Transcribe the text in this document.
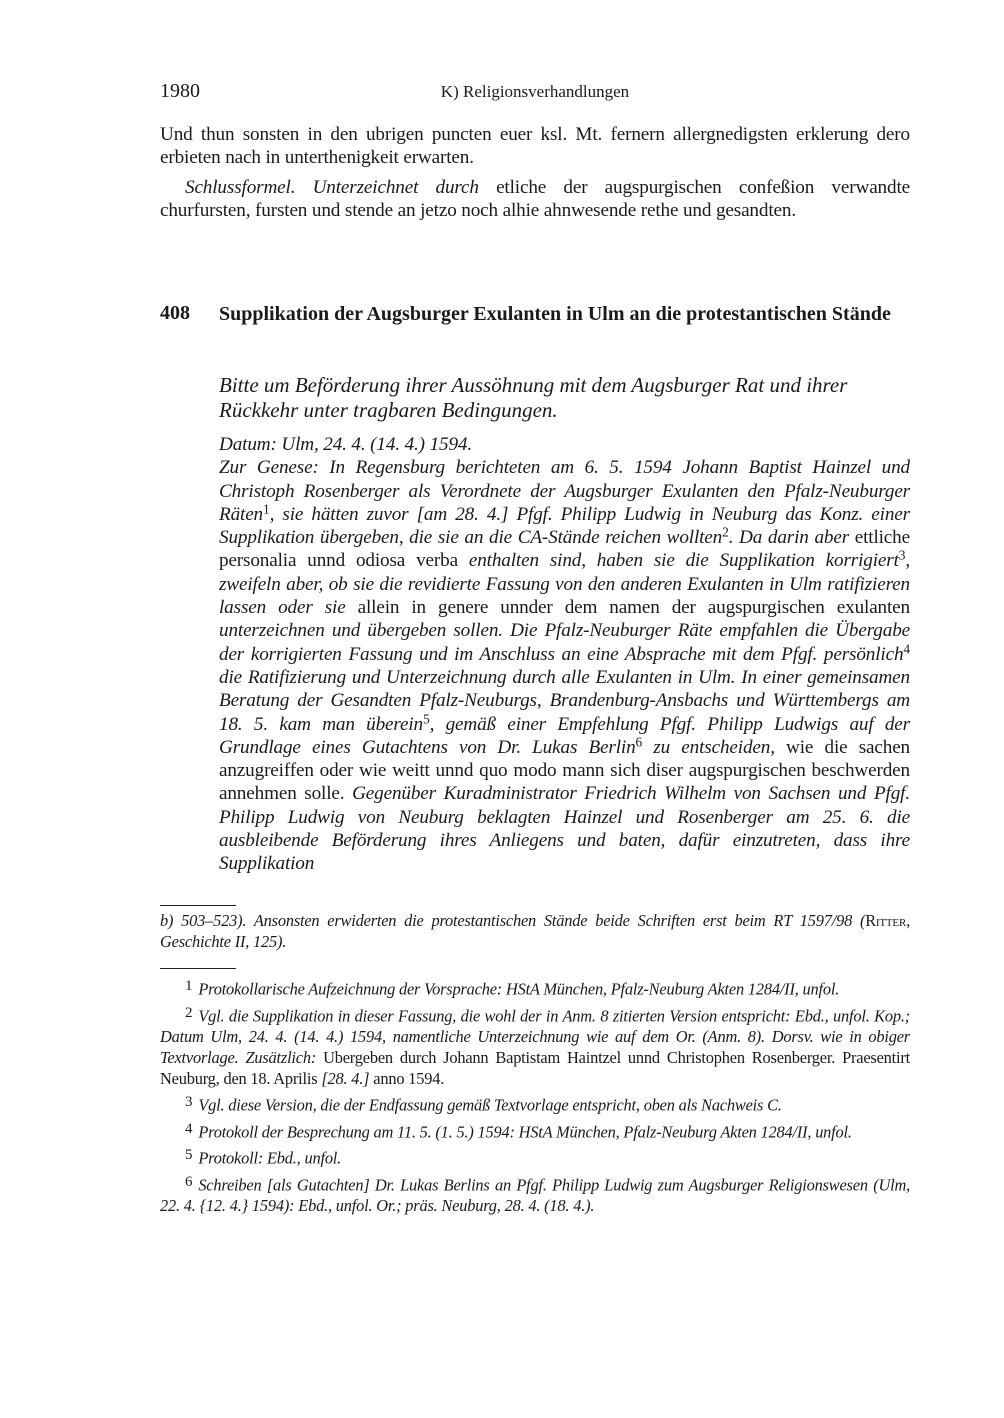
1980	K) Religionsverhandlungen

Und thun sonsten in den ubrigen puncten euer ksl. Mt. fernern allergnedigsten erklerung dero erbieten nach in unterthenigkeit erwarten.

Schlussformel. Unterzeichnet durch etliche der augspurgischen confeßion verwandte churfursten, fursten und stende an jetzo noch alhie ahnwesende rethe und gesandten.

408 Supplikation der Augsburger Exulanten in Ulm an die protestantischen Stände
Bitte um Beförderung ihrer Aussöhnung mit dem Augsburger Rat und ihrer Rückkehr unter tragbaren Bedingungen.

Datum: Ulm, 24. 4. (14. 4.) 1594.

Zur Genese: In Regensburg berichteten am 6. 5. 1594 Johann Baptist Hainzel und Christoph Rosenberger als Verordnete der Augsburger Exulanten den Pfalz-Neuburger Räten$^1$, sie hätten zuvor [am 28. 4.] Pfgf. Philipp Ludwig in Neuburg das Konz. einer Supplikation übergeben, die sie an die CA-Stände reichen wollten$^2$. Da darin aber ettliche personalia unnd odiosa verba enthalten sind, haben sie die Supplikation korrigiert$^3$, zweifeln aber, ob sie die revidierte Fassung von den anderen Exulanten in Ulm ratifizieren lassen oder sie allein in genere unnder dem namen der augspurgischen exulanten unterzeichnen und übergeben sollen. Die Pfalz-Neuburger Räte empfahlen die Übergabe der korrigierten Fassung und im Anschluss an eine Absprache mit dem Pfgf. persönlich$^4$ die Ratifizierung und Unterzeichnung durch alle Exulanten in Ulm. In einer gemeinsamen Beratung der Gesandten Pfalz-Neuburgs, Brandenburg-Ansbachs und Württembergs am 18. 5. kam man überein$^5$, gemäß einer Empfehlung Pfgf. Philipp Ludwigs auf der Grundlage eines Gutachtens von Dr. Lukas Berlin$^6$ zu entscheiden, wie die sachen anzugreiffen oder wie weitt unnd quo modo mann sich diser augspurgischen beschwerden annehmen solle. Gegenüber Kuradministrator Friedrich Wilhelm von Sachsen und Pfgf. Philipp Ludwig von Neuburg beklagten Hainzel und Rosenberger am 25. 6. die ausbleibende Beförderung ihres Anliegens und baten, dafür einzutreten, dass ihre Supplikation

b) 503–523). Ansonsten erwiderten die protestantischen Stände beide Schriften erst beim RT 1597/98 (Ritter, Geschichte II, 125).

1 Protokollarische Aufzeichnung der Vorsprache: HStA München, Pfalz-Neuburg Akten 1284/II, unfol.

2 Vgl. die Supplikation in dieser Fassung, die wohl der in Anm. 8 zitierten Version entspricht: Ebd., unfol. Kop.; Datum Ulm, 24. 4. (14. 4.) 1594, namentliche Unterzeichnung wie auf dem Or. (Anm. 8). Dorsv. wie in obiger Textvorlage. Zusätzlich: Ubergeben durch Johann Baptistam Haintzel unnd Christophen Rosenberger. Praesentirt Neuburg, den 18. Aprilis [28. 4.] anno 1594.

3 Vgl. diese Version, die der Endfassung gemäß Textvorlage entspricht, oben als Nachweis C.

4 Protokoll der Besprechung am 11. 5. (1. 5.) 1594: HStA München, Pfalz-Neuburg Akten 1284/II, unfol.

5 Protokoll: Ebd., unfol.

6 Schreiben [als Gutachten] Dr. Lukas Berlins an Pfgf. Philipp Ludwig zum Augsburger Religionswesen (Ulm, 22. 4. {12. 4.} 1594): Ebd., unfol. Or.; präs. Neuburg, 28. 4. (18. 4.).
